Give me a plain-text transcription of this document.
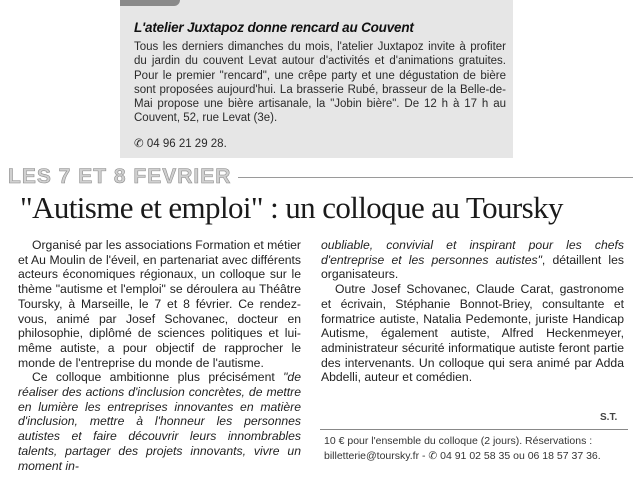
L'atelier Juxtapoz donne rencard au Couvent

Tous les derniers dimanches du mois, l'atelier Juxtapoz invite à profiter du jardin du couvent Levat autour d'activités et d'animations gratuites. Pour le premier "rencard", une crêpe party et une dégustation de bière sont proposées aujourd'hui. La brasserie Rubé, brasseur de la Belle-de-Mai propose une bière artisanale, la "Jobin bière". De 12 h à 17 h au Couvent, 52, rue Levat (3e).

✆ 04 96 21 29 28.
LES 7 ET 8 FEVRIER
"Autisme et emploi" : un colloque au Toursky

Organisé par les associations Formation et métier et Au Moulin de l'éveil, en partenariat avec différents acteurs économiques régionaux, un colloque sur le thème "autisme et l'emploi" se déroulera au Théâtre Toursky, à Marseille, le 7 et 8 février. Ce rendez-vous, animé par Josef Schovanec, docteur en philosophie, diplômé de sciences politiques et lui-même autiste, a pour objectif de rapprocher le monde de l'entreprise du monde de l'autisme.

Ce colloque ambitionne plus précisément "de réaliser des actions d'inclusion concrètes, de mettre en lumière les entreprises innovantes en matière d'inclusion, mettre à l'honneur les personnes autistes et faire découvrir leurs innombrables talents, partager des projets innovants, vivre un moment in-

oubliable, convivial et inspirant pour les chefs d'entreprise et les personnes autistes", détaillent les organisateurs.

Outre Josef Schovanec, Claude Carat, gastronome et écrivain, Stéphanie Bonnot-Briey, consultante et formatrice autiste, Natalia Pedemonte, juriste Handicap Autisme, également autiste, Alfred Heckenmeyer, administrateur sécurité informatique autiste feront partie des intervenants. Un colloque qui sera animé par Adda Abdelli, auteur et comédien.

S.T.
10 € pour l'ensemble du colloque (2 jours). Réservations :
billetterie@toursky.fr - ✆ 04 91 02 58 35 ou 06 18 57 37 36.
